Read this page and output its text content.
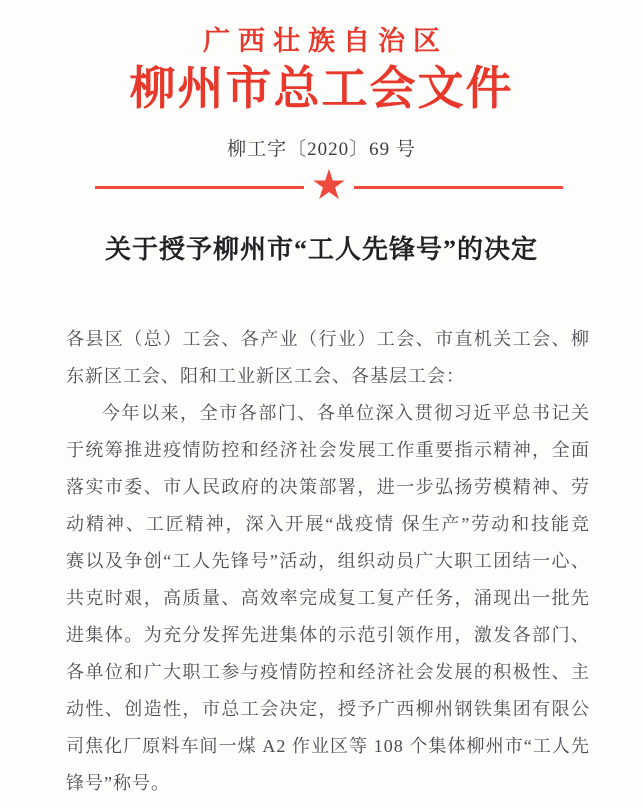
广西壮族自治区
柳州市总工会文件
柳工字〔2020〕69 号
★
关于授予柳州市“工人先锋号”的决定
各县区（总）工会、各产业（行业）工会、市直机关工会、柳
东新区工会、阳和工业新区工会、各基层工会：
今年以来，全市各部门、各单位深入贯彻习近平总书记关
于统筹推进疫情防控和经济社会发展工作重要指示精神，全面
落实市委、市人民政府的决策部署，进一步弘扬劳模精神、劳
动精神、工匠精神，深入开展“战疫情 保生产”劳动和技能竞
赛以及争创“工人先锋号”活动，组织动员广大职工团结一心、
共克时艰，高质量、高效率完成复工复产任务，涌现出一批先
进集体。为充分发挥先进集体的示范引领作用，激发各部门、
各单位和广大职工参与疫情防控和经济社会发展的积极性、主
动性、创造性，市总工会决定，授予广西柳州钢铁集团有限公
司焦化厂原料车间一煤 A2 作业区等 108 个集体柳州市“工人先
锋号”称号。
